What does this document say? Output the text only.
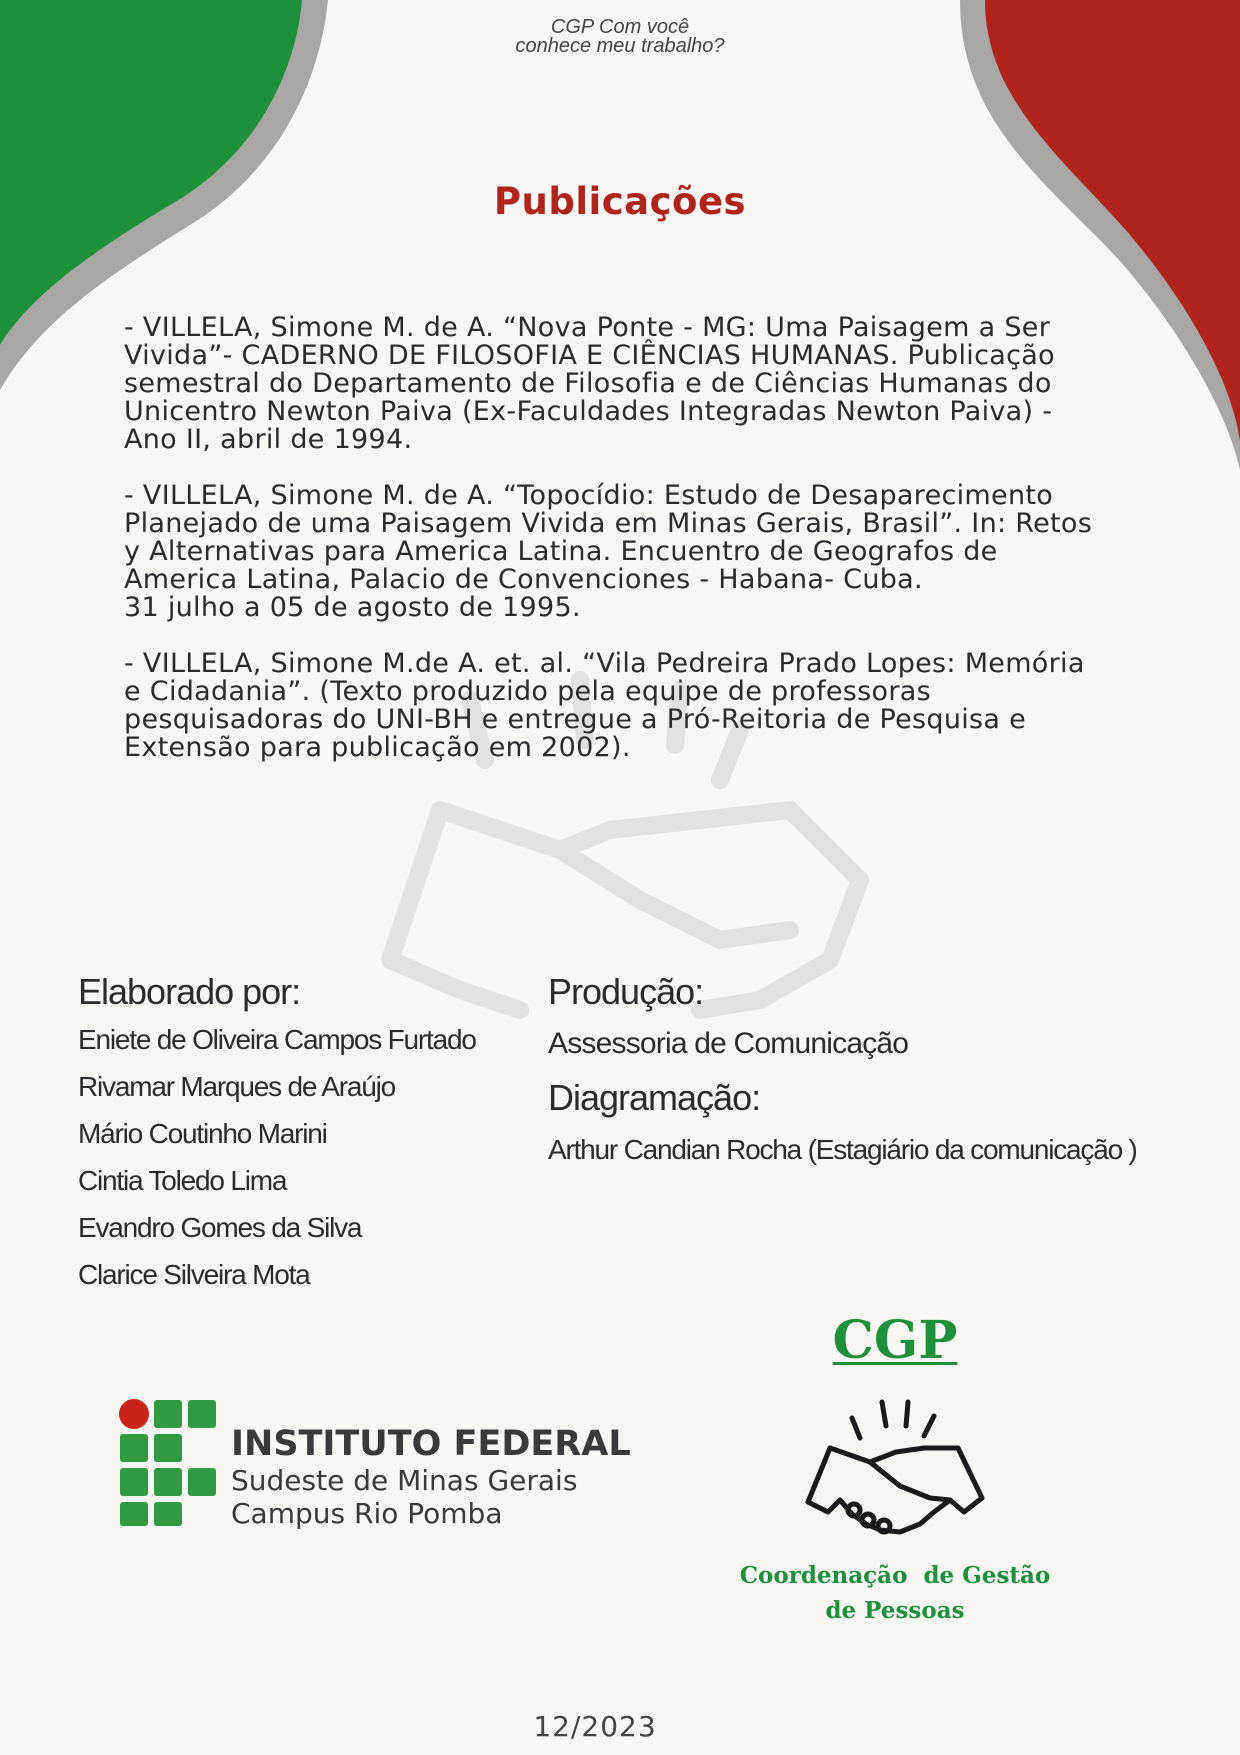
CGP Com você
conhece meu trabalho?
Publicações
- VILLELA, Simone M. de A. “Nova Ponte - MG: Uma Paisagem a Ser
Vivida”- CADERNO DE FILOSOFIA E CIÊNCIAS HUMANAS. Publicação
semestral do Departamento de Filosofia e de Ciências Humanas do
Unicentro Newton Paiva (Ex-Faculdades Integradas Newton Paiva) -
Ano II, abril de 1994.
- VILLELA, Simone M. de A. “Topocídio: Estudo de Desaparecimento
Planejado de uma Paisagem Vivida em Minas Gerais, Brasil”. In: Retos
y Alternativas para America Latina. Encuentro de Geografos de
America Latina, Palacio de Convenciones - Habana- Cuba.
31 julho a 05 de agosto de 1995.
- VILLELA, Simone M.de A. et. al. “Vila Pedreira Prado Lopes: Memória
e Cidadania”. (Texto produzido pela equipe de professoras
pesquisadoras do UNI-BH e entregue a Pró-Reitoria de Pesquisa e
Extensão para publicação em 2002).
Elaborado por:
Eniete de Oliveira Campos Furtado
Rivamar Marques de Araújo
Mário Coutinho Marini
Cintia Toledo Lima
Evandro Gomes da Silva
Clarice Silveira Mota
Produção:
Assessoria de Comunicação
Diagramação:
Arthur Candian Rocha (Estagiário da comunicação )
INSTITUTO FEDERAL
Sudeste de Minas Gerais
Campus Rio Pomba
CGP
Coordenação  de Gestão
de Pessoas
12/2023
